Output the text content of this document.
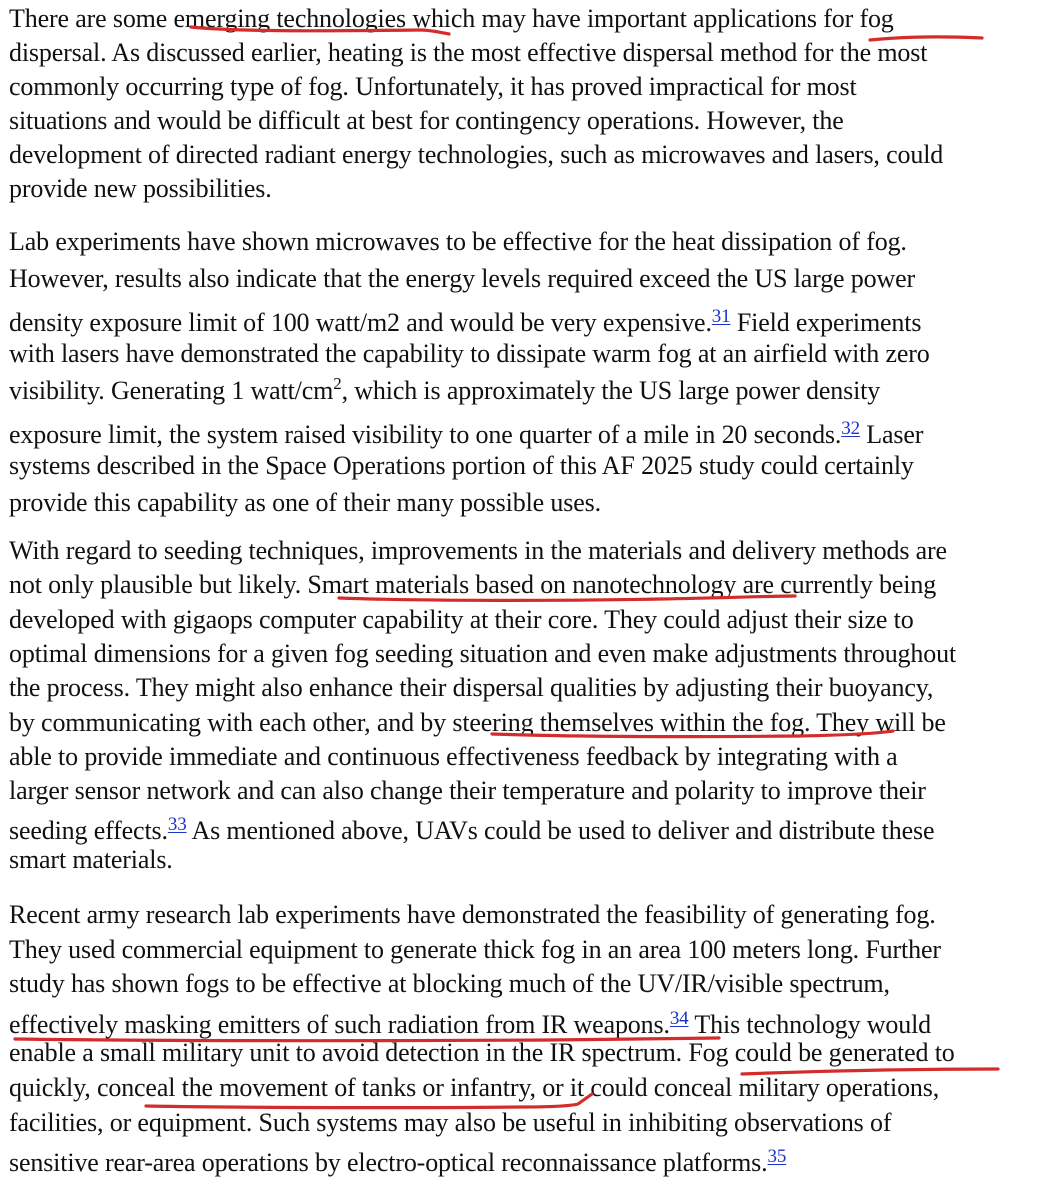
There are some emerging technologies which may have important applications for fog
dispersal. As discussed earlier, heating is the most effective dispersal method for the most
commonly occurring type of fog. Unfortunately, it has proved impractical for most
situations and would be difficult at best for contingency operations. However, the
development of directed radiant energy technologies, such as microwaves and lasers, could
provide new possibilities.
Lab experiments have shown microwaves to be effective for the heat dissipation of fog.
However, results also indicate that the energy levels required exceed the US large power
density exposure limit of 100 watt/m2 and would be very expensive.$^{31}$ Field experiments
with lasers have demonstrated the capability to dissipate warm fog at an airfield with zero
visibility. Generating 1 watt/$cm^2$, which is approximately the US large power density
exposure limit, the system raised visibility to one quarter of a mile in 20 seconds.$^{32}$ Laser
systems described in the Space Operations portion of this AF 2025 study could certainly
provide this capability as one of their many possible uses.
With regard to seeding techniques, improvements in the materials and delivery methods are
not only plausible but likely. Smart materials based on nanotechnology are currently being
developed with gigaops computer capability at their core. They could adjust their size to
optimal dimensions for a given fog seeding situation and even make adjustments throughout
the process. They might also enhance their dispersal qualities by adjusting their buoyancy,
by communicating with each other, and by steering themselves within the fog. They will be
able to provide immediate and continuous effectiveness feedback by integrating with a
larger sensor network and can also change their temperature and polarity to improve their
seeding effects.$^{33}$ As mentioned above, UAVs could be used to deliver and distribute these
smart materials.
Recent army research lab experiments have demonstrated the feasibility of generating fog.
They used commercial equipment to generate thick fog in an area 100 meters long. Further
study has shown fogs to be effective at blocking much of the UV/IR/visible spectrum,
effectively masking emitters of such radiation from IR weapons.$^{34}$ This technology would
enable a small military unit to avoid detection in the IR spectrum. Fog could be generated to
quickly, conceal the movement of tanks or infantry, or it could conceal military operations,
facilities, or equipment. Such systems may also be useful in inhibiting observations of
sensitive rear-area operations by electro-optical reconnaissance platforms.$^{35}$
